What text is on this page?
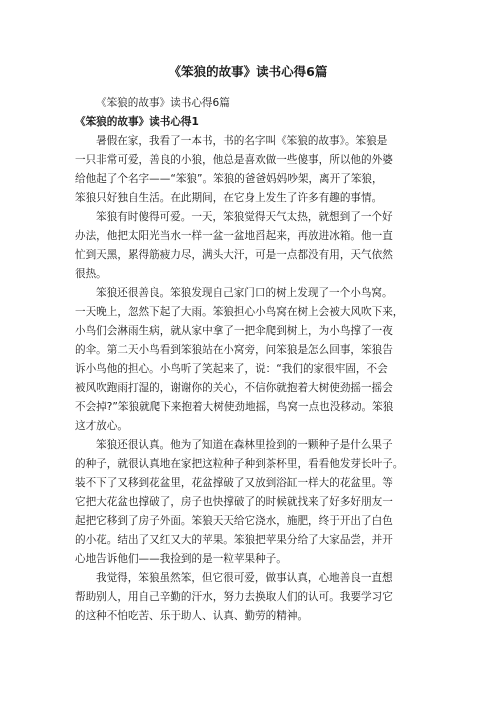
《笨狼的故事》读书心得6篇
《笨狼的故事》读书心得6篇
《笨狼的故事》读书心得1
暑假在家，我看了一本书，书的名字叫《笨狼的故事》。笨狼是
一只非常可爱，善良的小狼，他总是喜欢做一些傻事，所以他的外婆
给他起了个名字——“笨狼”。笨狼的爸爸妈妈吵架，离开了笨狼，
笨狼只好独自生活。在此期间，在它身上发生了许多有趣的事情。
笨狼有时傻得可爱。一天，笨狼觉得天气太热，就想到了一个好
办法，他把太阳光当水一样一盆一盆地舀起来，再放进冰箱。他一直
忙到天黑，累得筋疲力尽，满头大汗，可是一点都没有用，天气依然
很热。
笨狼还很善良。笨狼发现自己家门口的树上发现了一个小鸟窝。
一天晚上，忽然下起了大雨。笨狼担心小鸟窝在树上会被大风吹下来，
小鸟们会淋雨生病，就从家中拿了一把伞爬到树上，为小鸟撑了一夜
的伞。第二天小鸟看到笨狼站在小窝旁，问笨狼是怎么回事，笨狼告
诉小鸟他的担心。小鸟听了笑起来了，说：“我们的家很牢固，不会
被风吹跑雨打湿的，谢谢你的关心，不信你就抱着大树使劲摇一摇会
不会掉?”笨狼就爬下来抱着大树使劲地摇，鸟窝一点也没移动。笨狼
这才放心。
笨狼还很认真。他为了知道在森林里捡到的一颗种子是什么果子
的种子，就很认真地在家把这粒种子种到茶杯里，看看他发芽长叶子。
装不下了又移到花盆里，花盆撑破了又放到浴缸一样大的花盆里。等
它把大花盆也撑破了，房子也快撑破了的时候就找来了好多好朋友一
起把它移到了房子外面。笨狼天天给它浇水，施肥，终于开出了白色
的小花。结出了又红又大的苹果。笨狼把苹果分给了大家品尝，并开
心地告诉他们——我捡到的是一粒苹果种子。
我觉得，笨狼虽然笨，但它很可爱，做事认真，心地善良一直想
帮助别人，用自己辛勤的汗水，努力去换取人们的认可。我要学习它
的这种不怕吃苦、乐于助人、认真、勤劳的精神。
